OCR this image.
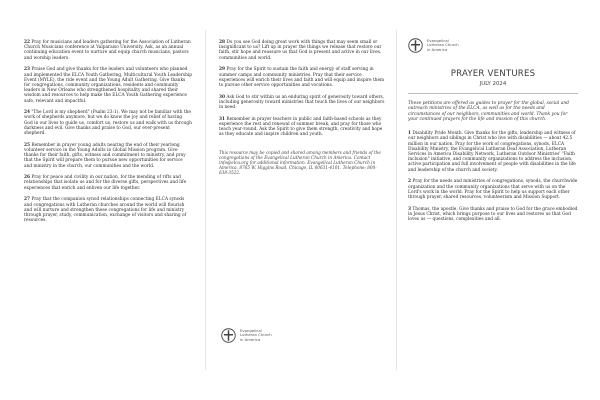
22 Pray for musicians and leaders gathering for the Association of Lutheran Church Musicians conference at Valparaiso University. Ask, as an annual continuing education event to nurture and equip church musicians, pastors and worship leaders.

23 Praise God and give thanks for the leaders and volunteers who planned and implemented the ELCA Youth Gathering, Multicultural Youth Leadership Event (MYLE), the ride event and the Young Adult Gathering. Give thanks for congregations, community organizations, residents and community leaders in New Orleans who strengthened hospitality and shared their wisdom and resources to help make the ELCA Youth Gathering experience safe, relevant and impactful.

24 "The Lord is my shepherd" (Psalm 23:1). We may not be familiar with the work of shepherds anymore, but we do know the joy and relief of having God in our lives to guide us, comfort us, restore us and walk with us through darkness and evil. Give thanks and praise to God, our ever-present shepherd.

25 Remember in prayer young adults nearing the end of their yearlong volunteer service in the Young Adults in Global Mission program. Give thanks for their faith, gifts, witness and commitment to ministry, and pray that the Spirit will prepare them to pursue new opportunities for service and ministry in the church, our communities and the world.

26 Pray for peace and civility in our nation, for the mending of rifts and relationships that isolate us and for the diverse gifts, perspectives and life experiences that enrich and enliven our life together.

27 Pray that the companion synod relationships connecting ELCA synods and congregations with Lutheran churches around the world will flourish and will nurture and strengthen these congregations for life and ministry through prayer, study, communication, exchange of visitors and sharing of resources.

28 Do you see God doing great work with things that may seem small or insignificant to us? Lift up in prayer the things we release that restore our faith, stir hope and reassure us that God is present and active in our lives, communities and world.

29 Pray for the Spirit to sustain the faith and energy of staff serving in summer camps and community ministries. Pray that their service experiences will enrich their lives and faith and will equip and inspire them to pursue other service opportunities and vocations.

30 Ask God to stir within us an enduring spirit of generosity toward others, including generosity toward ministries that touch the lives of our neighbors in need.

31 Remember in prayer teachers in public and faith-based schools as they experience the rest and renewal of summer break, and pray for those who teach year-round. Ask the Spirit to give them strength, creativity and hope as they educate and inspire children and youth.

This resource may be copied and shared among members and friends of the congregations of the Evangelical Lutheran Church in America. Contact info@elca.org for additional information. Evangelical Lutheran Church in America, 8765 W. Higgins Road, Chicago, IL 60631-4101. Telephone: 800-638-3522.

Evangelical
Lutheran Church
in America
Evangelical
Lutheran Church
in America
PRAYER VENTURES
JULY 2024

These petitions are offered as guides to prayer for the global, social and outreach ministries of the ELCA, as well as for the needs and circumstances of our neighbors, communities and world. Thank you for your continued prayers for the life and mission of this church.

1 Disability Pride Month. Give thanks for the gifts, leadership and witness of our neighbors and siblings in Christ who live with disabilities — about 42.5 million in our nation. Pray for the work of congregations, synods, ELCA Disability Ministry, the Evangelical Lutheran Deaf Association, Lutheran Services in America Disability Network, Lutheran Outdoor Ministries' "Faith inclusion" initiative, and community organizations to address the inclusion, active participation and full involvement of people with disabilities in the life and leadership of the church and society.

2 Pray for the needs and ministries of congregations, synods, the churchwide organization and the community organizations that serve with us on the Lord's work in the world. Pray for the Spirit to help us support each other through prayer, shared resources, volunteerism and Mission Support.

3 Thomas, the apostle. Give thanks and praise to God for the grace embodied in Jesus Christ, which brings purpose to our lives and restores us that God loves us — questions, complexities and all.
